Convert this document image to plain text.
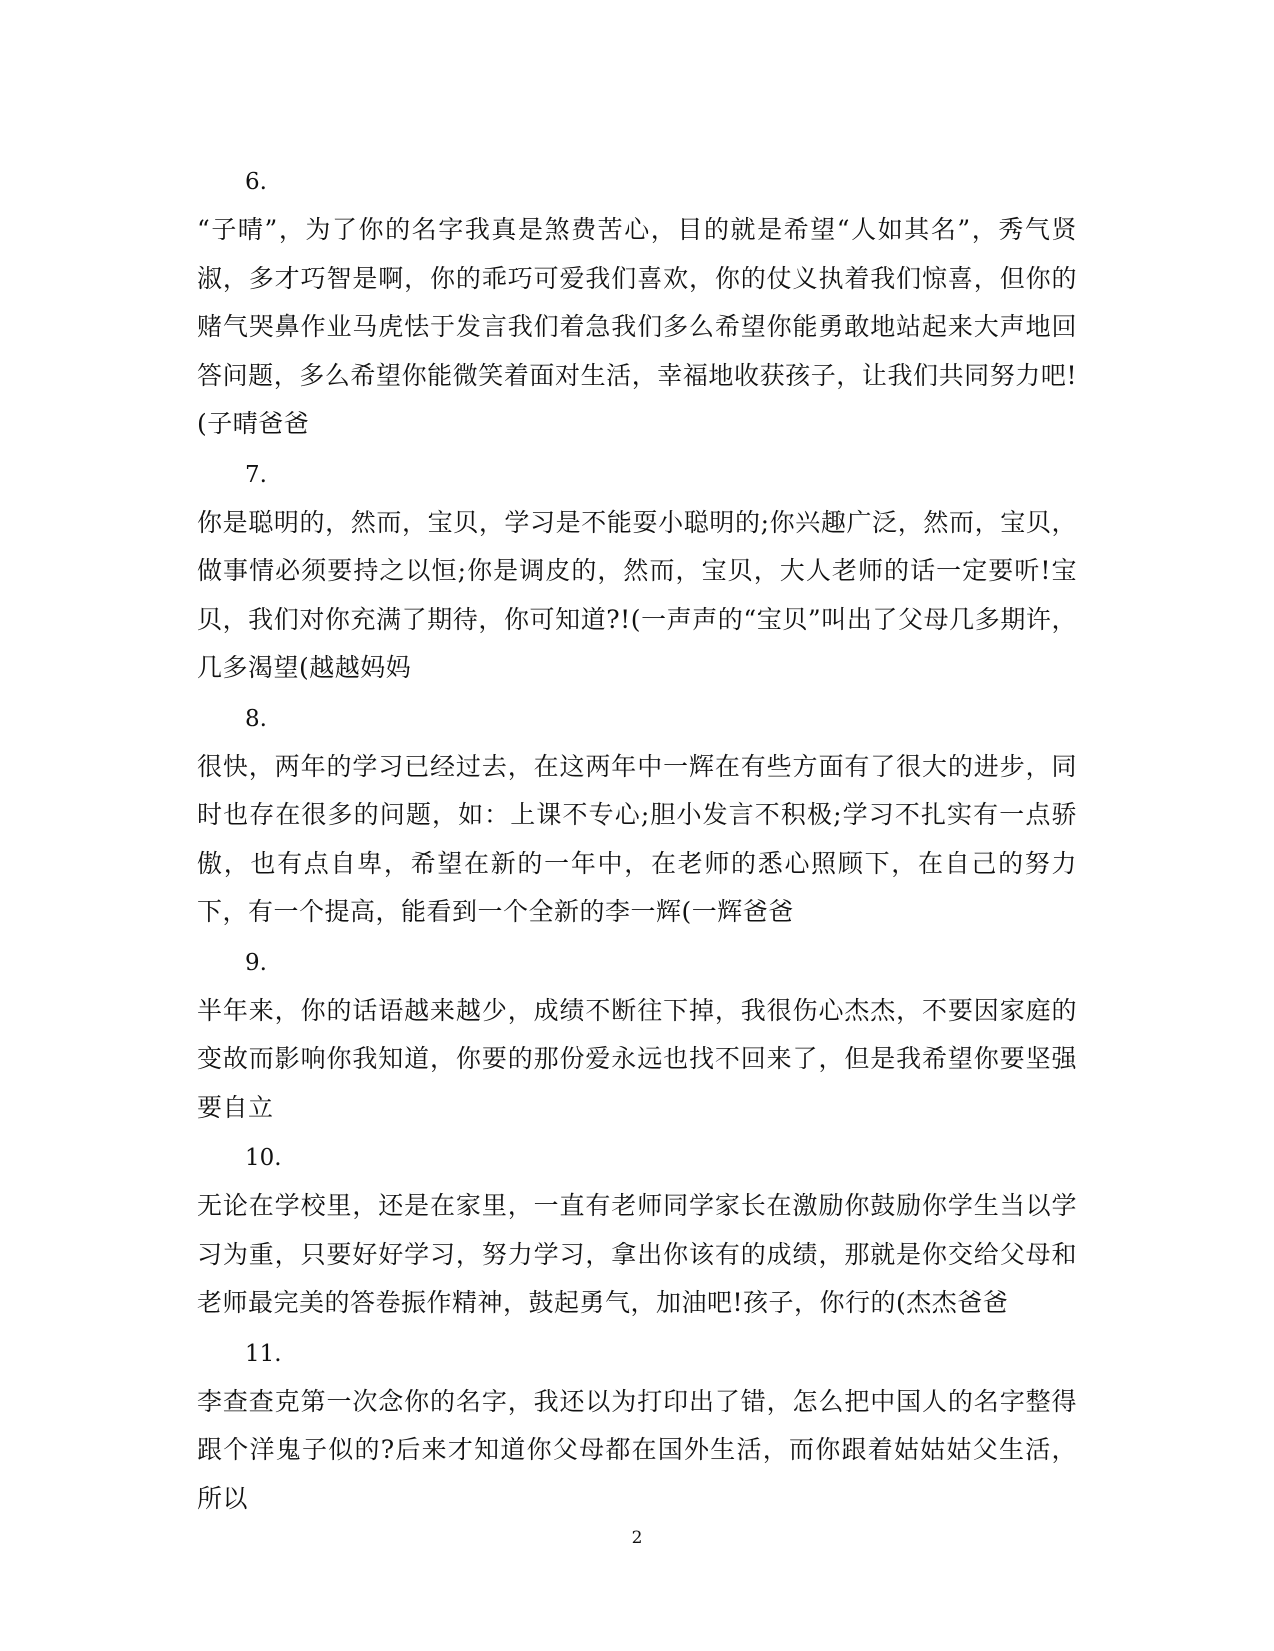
6.

“子晴”，为了你的名字我真是煞费苦心，目的就是希望“人如其名”，秀气贤淑，多才巧智是啊，你的乖巧可爱我们喜欢，你的仗义执着我们惊喜，但你的赌气哭鼻作业马虎怯于发言我们着急我们多么希望你能勇敢地站起来大声地回答问题，多么希望你能微笑着面对生活，幸福地收获孩子，让我们共同努力吧!(子晴爸爸

7.

你是聪明的，然而，宝贝，学习是不能耍小聪明的;你兴趣广泛，然而，宝贝，做事情必须要持之以恒;你是调皮的，然而，宝贝，大人老师的话一定要听!宝贝，我们对你充满了期待，你可知道?!(一声声的“宝贝”叫出了父母几多期许，几多渴望(越越妈妈

8.

很快，两年的学习已经过去，在这两年中一辉在有些方面有了很大的进步，同时也存在很多的问题，如：上课不专心;胆小发言不积极;学习不扎实有一点骄傲，也有点自卑，希望在新的一年中，在老师的悉心照顾下，在自己的努力下，有一个提高，能看到一个全新的李一辉(一辉爸爸

9.

半年来，你的话语越来越少，成绩不断往下掉，我很伤心杰杰，不要因家庭的变故而影响你我知道，你要的那份爱永远也找不回来了，但是我希望你要坚强要自立

10.

无论在学校里，还是在家里，一直有老师同学家长在激励你鼓励你学生当以学习为重，只要好好学习，努力学习，拿出你该有的成绩，那就是你交给父母和老师最完美的答卷振作精神，鼓起勇气，加油吧!孩子，你行的(杰杰爸爸

11.

李查查克第一次念你的名字，我还以为打印出了错，怎么把中国人的名字整得跟个洋鬼子似的?后来才知道你父母都在国外生活，而你跟着姑姑姑父生活，所以

2
